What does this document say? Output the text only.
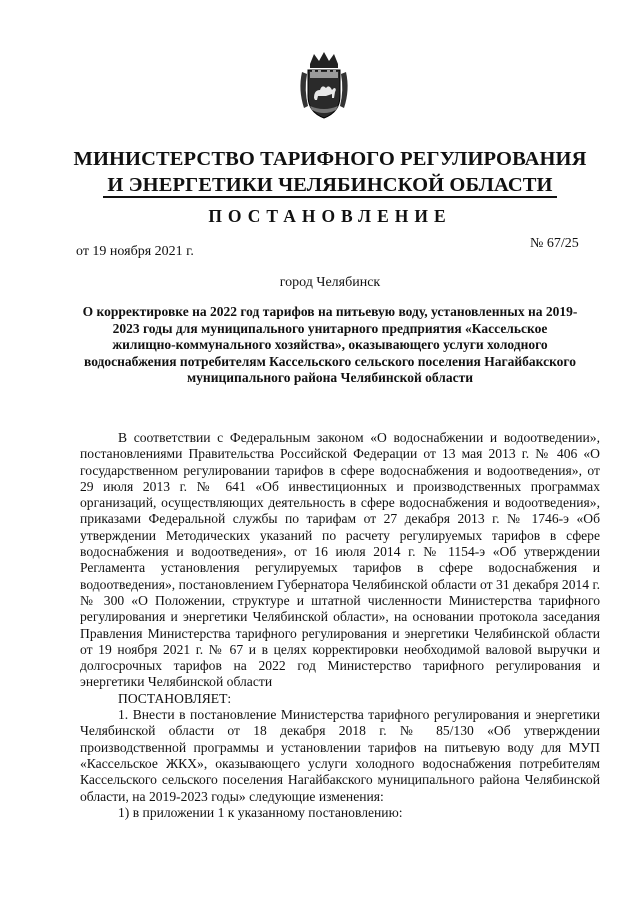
МИНИСТЕРСТВО ТАРИФНОГО РЕГУЛИРОВАНИЯ
И ЭНЕРГЕТИКИ ЧЕЛЯБИНСКОЙ ОБЛАСТИ
ПОСТАНОВЛЕНИЕ
от 19 ноября 2021 г.
№ 67/25
город Челябинск
О корректировке на 2022 год тарифов на питьевую воду, установленных на 2019-2023 годы для муниципального унитарного предприятия «Кассельское жилищно-коммунального хозяйства», оказывающего услуги холодного водоснабжения потребителям Кассельского сельского поселения Нагайбакского муниципального района Челябинской области

В соответствии с Федеральным законом «О водоснабжении и водоотведении», постановлениями Правительства Российской Федерации от 13 мая 2013 г. № 406 «О государственном регулировании тарифов в сфере водоснабжения и водоотведения», от 29 июля 2013 г. № 641 «Об инвестиционных и производственных программах организаций, осуществляющих деятельность в сфере водоснабжения и водоотведения», приказами Федеральной службы по тарифам от 27 декабря 2013 г. № 1746-э «Об утверждении Методических указаний по расчету регулируемых тарифов в сфере водоснабжения и водоотведения», от 16 июля 2014 г. № 1154-э «Об утверждении Регламента установления регулируемых тарифов в сфере водоснабжения и водоотведения», постановлением Губернатора Челябинской области от 31 декабря 2014 г. № 300 «О Положении, структуре и штатной численности Министерства тарифного регулирования и энергетики Челябинской области», на основании протокола заседания Правления Министерства тарифного регулирования и энергетики Челябинской области от 19 ноября 2021 г. № 67 и в целях корректировки необходимой валовой выручки и долгосрочных тарифов на 2022 год Министерство тарифного регулирования и энергетики Челябинской области

ПОСТАНОВЛЯЕТ:

1. Внести в постановление Министерства тарифного регулирования и энергетики Челябинской области от 18 декабря 2018 г. № 85/130 «Об утверждении производственной программы и установлении тарифов на питьевую воду для МУП «Кассельское ЖКХ», оказывающего услуги холодного водоснабжения потребителям Кассельского сельского поселения Нагайбакского муниципального района Челябинской области, на 2019-2023 годы» следующие изменения:

1) в приложении 1 к указанному постановлению:
